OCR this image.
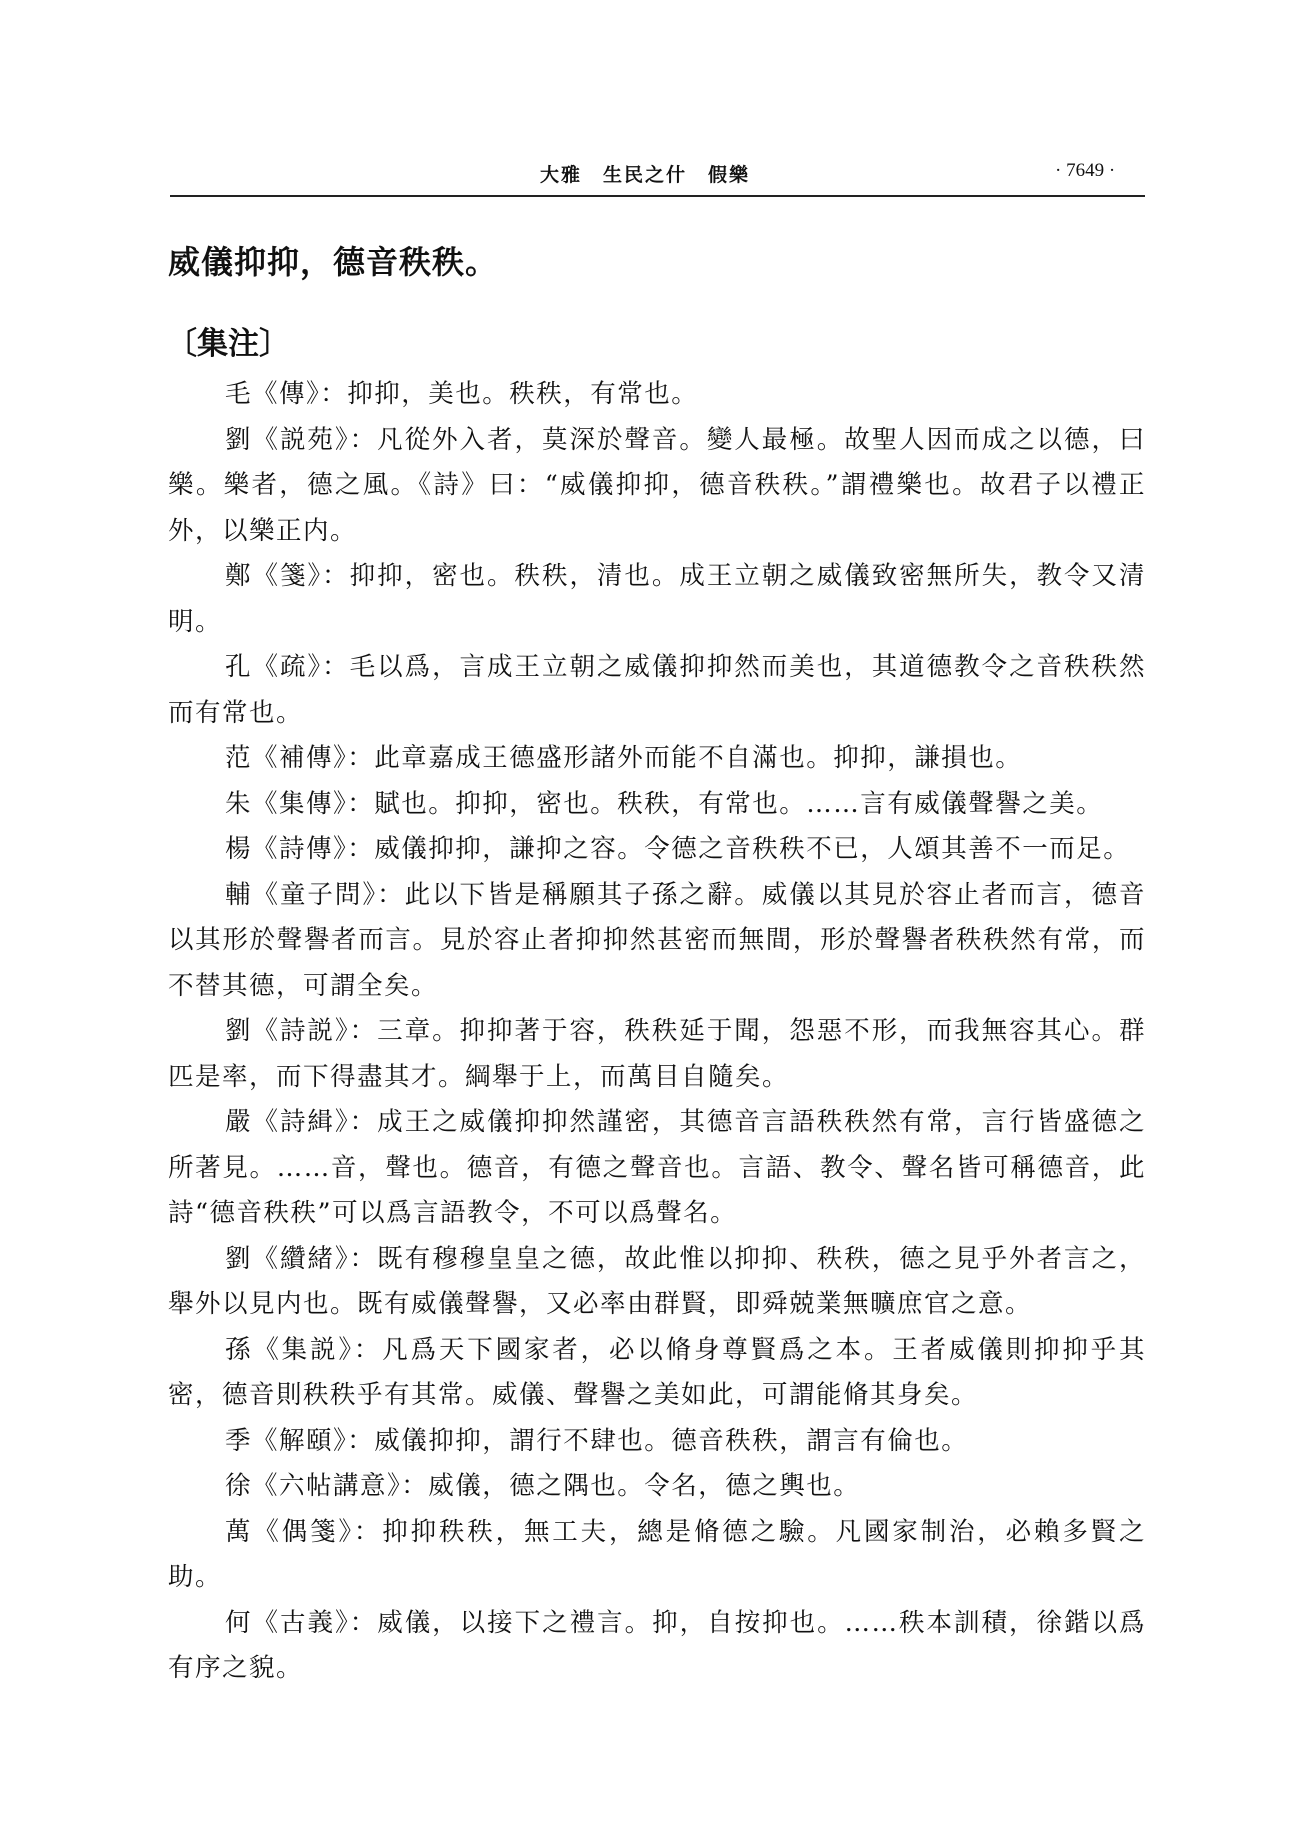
大雅　生民之什　假樂	· 7649 ·
威儀抑抑，德音秩秩。
〔集注〕

毛《傳》：抑抑，美也。秩秩，有常也。

劉《説苑》：凡從外入者，莫深於聲音。變人最極。故聖人因而成之以德，曰樂。樂者，德之風。《詩》曰：“威儀抑抑，德音秩秩。”謂禮樂也。故君子以禮正外，以樂正内。

鄭《箋》：抑抑，密也。秩秩，清也。成王立朝之威儀致密無所失，教令又清明。

孔《疏》：毛以爲，言成王立朝之威儀抑抑然而美也，其道德教令之音秩秩然而有常也。

范《補傳》：此章嘉成王德盛形諸外而能不自滿也。抑抑，謙損也。

朱《集傳》：賦也。抑抑，密也。秩秩，有常也。……言有威儀聲譽之美。

楊《詩傳》：威儀抑抑，謙抑之容。令德之音秩秩不已，人頌其善不一而足。

輔《童子問》：此以下皆是稱願其子孫之辭。威儀以其見於容止者而言，德音以其形於聲譽者而言。見於容止者抑抑然甚密而無間，形於聲譽者秩秩然有常，而不替其德，可謂全矣。

劉《詩説》：三章。抑抑著于容，秩秩延于聞，怨惡不形，而我無容其心。群匹是率，而下得盡其才。綱舉于上，而萬目自隨矣。

嚴《詩緝》：成王之威儀抑抑然謹密，其德音言語秩秩然有常，言行皆盛德之所著見。……音，聲也。德音，有德之聲音也。言語、教令、聲名皆可稱德音，此詩“德音秩秩”可以爲言語教令，不可以爲聲名。

劉《纘緒》：既有穆穆皇皇之德，故此惟以抑抑、秩秩，德之見乎外者言之，舉外以見内也。既有威儀聲譽，又必率由群賢，即舜兢業無曠庶官之意。

孫《集説》：凡爲天下國家者，必以脩身尊賢爲之本。王者威儀則抑抑乎其密，德音則秩秩乎有其常。威儀、聲譽之美如此，可謂能脩其身矣。

季《解頤》：威儀抑抑，謂行不肆也。德音秩秩，謂言有倫也。

徐《六帖講意》：威儀，德之隅也。令名，德之輿也。

萬《偶箋》：抑抑秩秩，無工夫，總是脩德之驗。凡國家制治，必賴多賢之助。

何《古義》：威儀，以接下之禮言。抑，自按抑也。……秩本訓積，徐鍇以爲有序之貌。
